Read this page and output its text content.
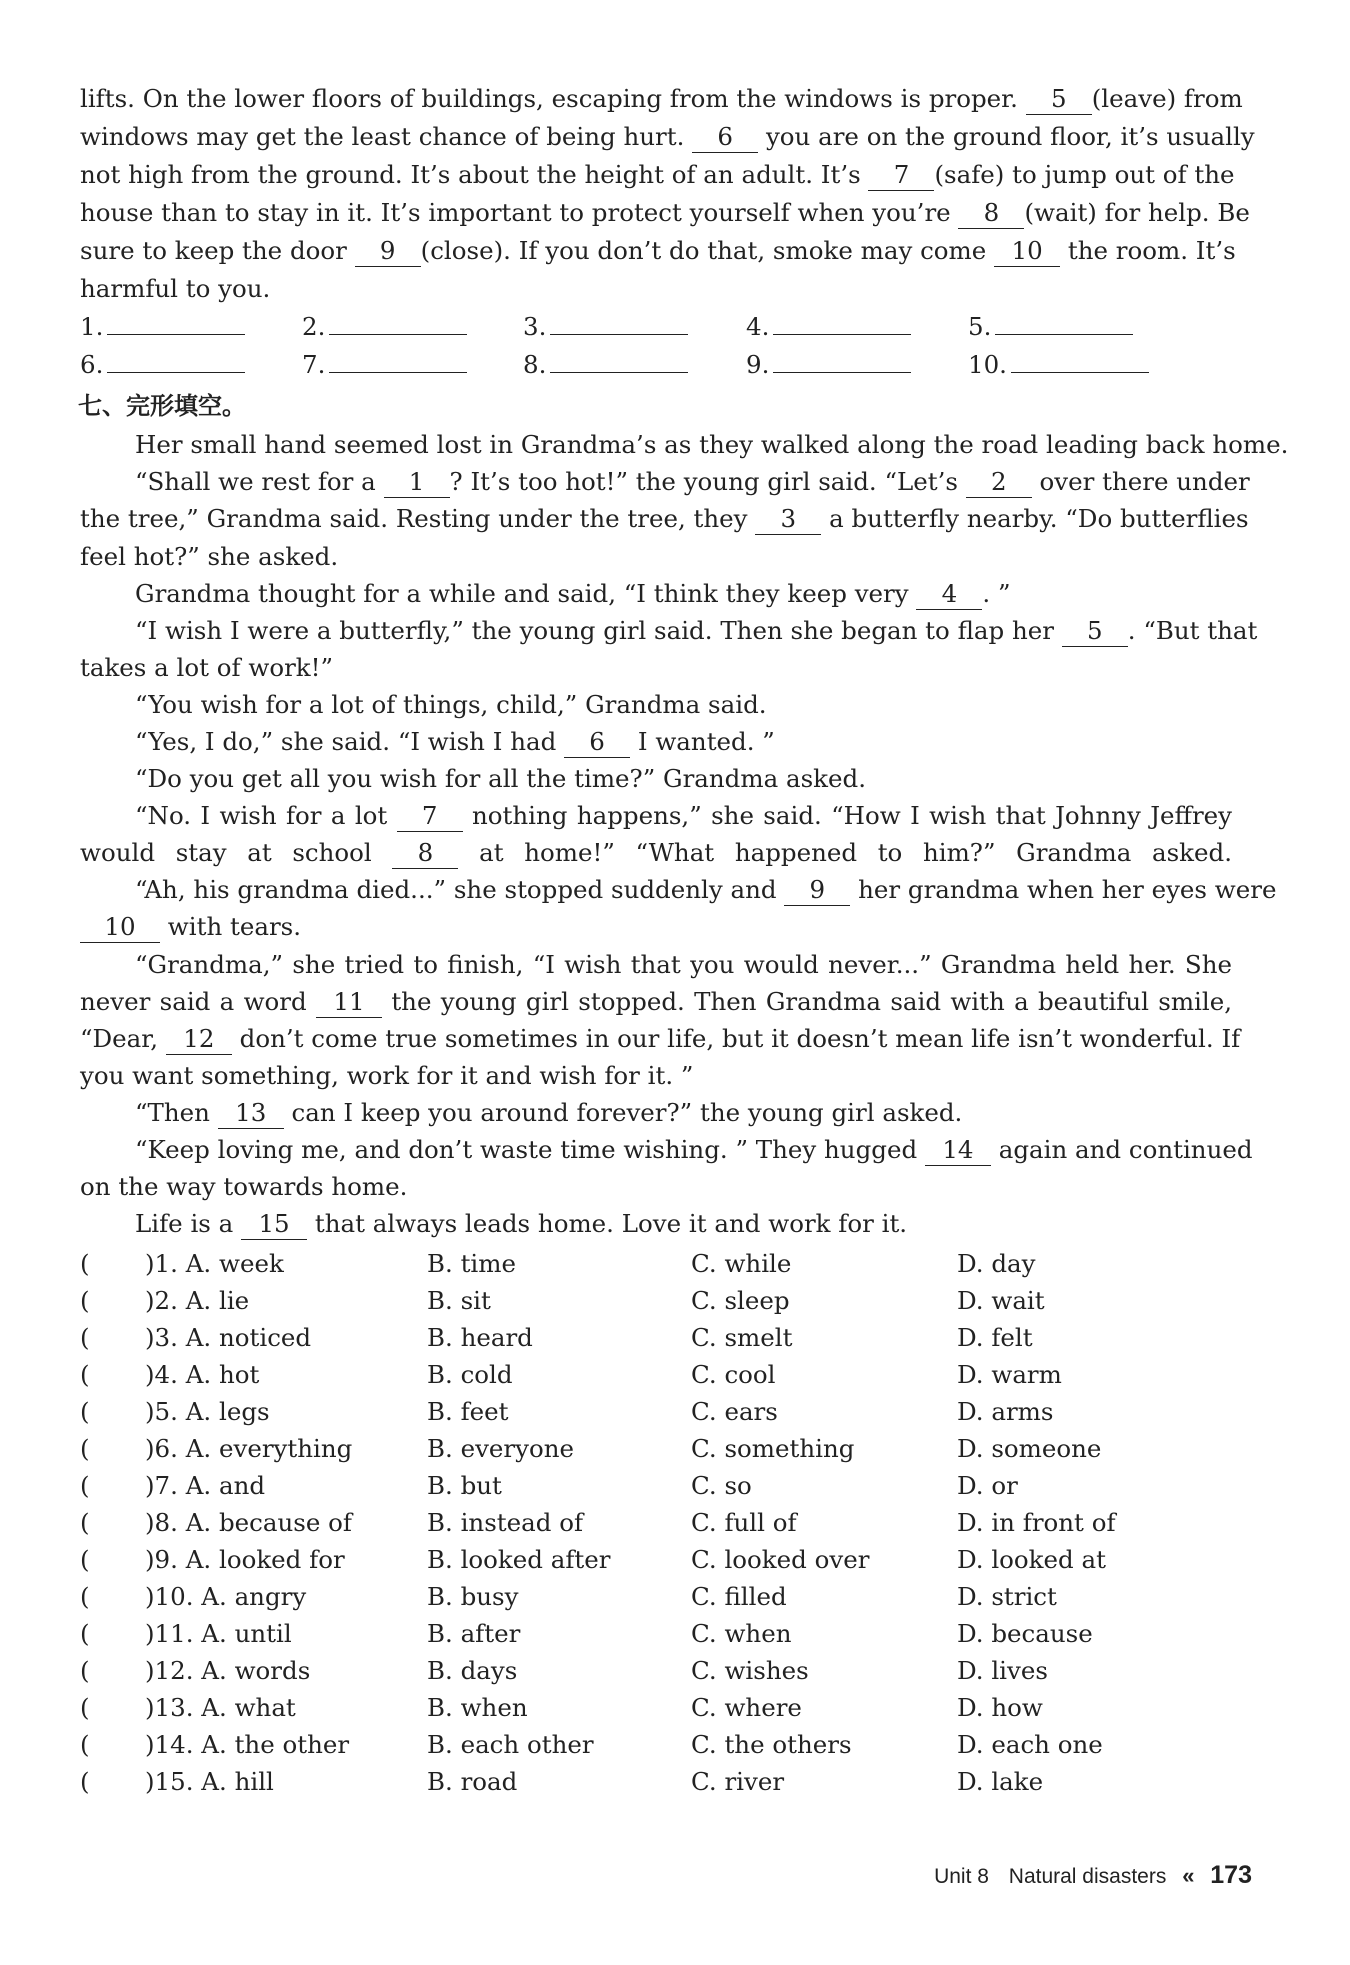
lifts. On the lower floors of buildings, escaping from the windows is proper. 5 (leave) from
windows may get the least chance of being hurt. 6 you are on the ground floor, it’s usually
not high from the ground. It’s about the height of an adult. It’s 7 (safe) to jump out of the
house than to stay in it. It’s important to protect yourself when you’re 8 (wait) for help. Be
sure to keep the door 9 (close). If you don’t do that, smoke may come 10 the room. It’s
harmful to you.
1.	2.	3.	4.	5.
6.	7.	8.	9.	10.
七、完形填空。
Her small hand seemed lost in Grandma’s as they walked along the road leading back home.
“Shall we rest for a 1 ? It’s too hot!” the young girl said. “Let’s 2 over there under
the tree,” Grandma said. Resting under the tree, they 3 a butterfly nearby. “Do butterflies
feel hot?” she asked.
Grandma thought for a while and said, “I think they keep very 4 . ”
“I wish I were a butterfly,” the young girl said. Then she began to flap her 5 . “But that
takes a lot of work!”
“You wish for a lot of things, child,” Grandma said.
“Yes, I do,” she said. “I wish I had 6 I wanted. ”
“Do you get all you wish for all the time?” Grandma asked.
“No. I wish for a lot 7 nothing happens,” she said. “How I wish that Johnny Jeffrey
would stay at school 8 at home!” “What happened to him?” Grandma asked.
“Ah, his grandma died...” she stopped suddenly and 9 her grandma when her eyes were
10 with tears.
“Grandma,” she tried to finish, “I wish that you would never...” Grandma held her. She
never said a word 11 the young girl stopped. Then Grandma said with a beautiful smile,
“Dear, 12 don’t come true sometimes in our life, but it doesn’t mean life isn’t wonderful. If
you want something, work for it and wish for it. ”
“Then 13 can I keep you around forever?” the young girl asked.
“Keep loving me, and don’t waste time wishing. ” They hugged 14 again and continued
on the way towards home.
Life is a 15 that always leads home. Love it and work for it.
( )1. A. week	B. time	C. while	D. day
( )2. A. lie	B. sit	C. sleep	D. wait
( )3. A. noticed	B. heard	C. smelt	D. felt
( )4. A. hot	B. cold	C. cool	D. warm
( )5. A. legs	B. feet	C. ears	D. arms
( )6. A. everything	B. everyone	C. something	D. someone
( )7. A. and	B. but	C. so	D. or
( )8. A. because of	B. instead of	C. full of	D. in front of
( )9. A. looked for	B. looked after	C. looked over	D. looked at
( )10. A. angry	B. busy	C. filled	D. strict
( )11. A. until	B. after	C. when	D. because
( )12. A. words	B. days	C. wishes	D. lives
( )13. A. what	B. when	C. where	D. how
( )14. A. the other	B. each other	C. the others	D. each one
( )15. A. hill	B. road	C. river	D. lake
Unit 8 Natural disasters « 173
